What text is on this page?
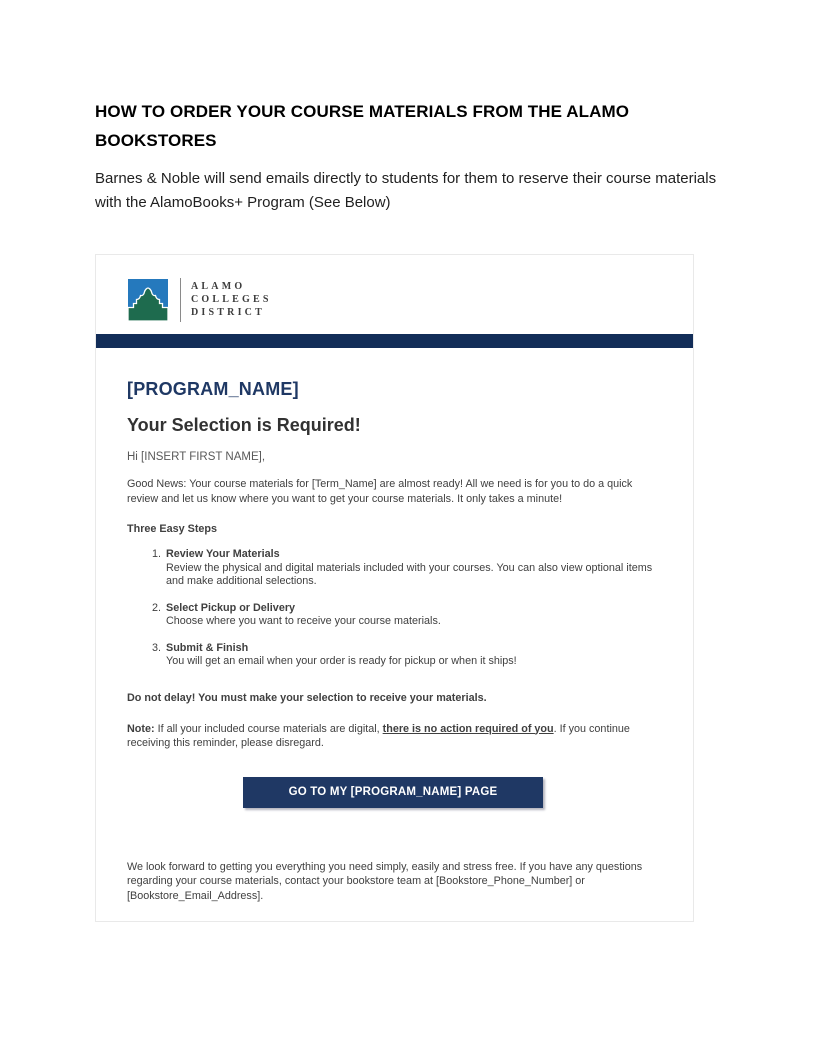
HOW TO ORDER YOUR COURSE MATERIALS FROM THE ALAMO BOOKSTORES
Barnes & Noble will send emails directly to students for them to reserve their course materials with the AlamoBooks+ Program (See Below)
ALAMO
COLLEGES
DISTRICT
[PROGRAM_NAME]
Your Selection is Required!
Hi [INSERT FIRST NAME],
Good News: Your course materials for [Term_Name] are almost ready! All we need is for you to do a quick review and let us know where you want to get your course materials. It only takes a minute!
Three Easy Steps
1. Review Your Materials
Review the physical and digital materials included with your courses. You can also view optional items and make additional selections.
2. Select Pickup or Delivery
Choose where you want to receive your course materials.
3. Submit & Finish
You will get an email when your order is ready for pickup or when it ships!
Do not delay! You must make your selection to receive your materials.
Note: If all your included course materials are digital, there is no action required of you. If you continue receiving this reminder, please disregard.
GO TO MY [PROGRAM_NAME] PAGE
We look forward to getting you everything you need simply, easily and stress free. If you have any questions regarding your course materials, contact your bookstore team at [Bookstore_Phone_Number] or [Bookstore_Email_Address].
